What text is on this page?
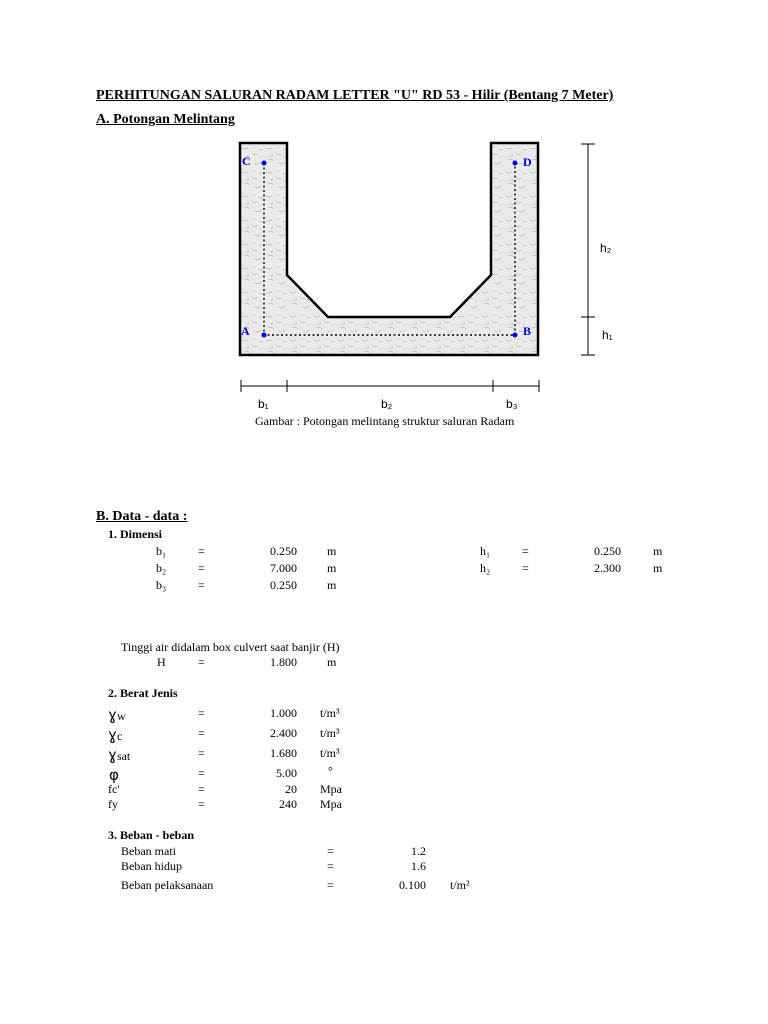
PERHITUNGAN SALURAN RADAM LETTER "U" RD 53 - Hilir (Bentang 7 Meter)
A. Potongan Melintang
C	D
A	B
h₂
h₁
b₁	b₂	b₃
Gambar : Potongan melintang struktur saluran Radam
B. Data - data :
1. Dimensi
b₁	=	0.250	m
b₂	=	7.000	m
b₃	=	0.250	m
h₁	=	0.250	m
h₂	=	2.300	m
Tinggi air didalam box culvert saat banjir (H)
H	=	1.800	m
2. Berat Jenis
ɣw	=	1.000 t/m³
ɣc	=	2.400 t/m³
ɣsat	=	1.680 t/m³
φ	=	5.00	°
fc'	=	20 Mpa
fy	=	240 Mpa
3. Beban - beban
Beban mati	=	1.2
Beban hidup	=	1.6
Beban pelaksanaan	=	0.100 t/m²
